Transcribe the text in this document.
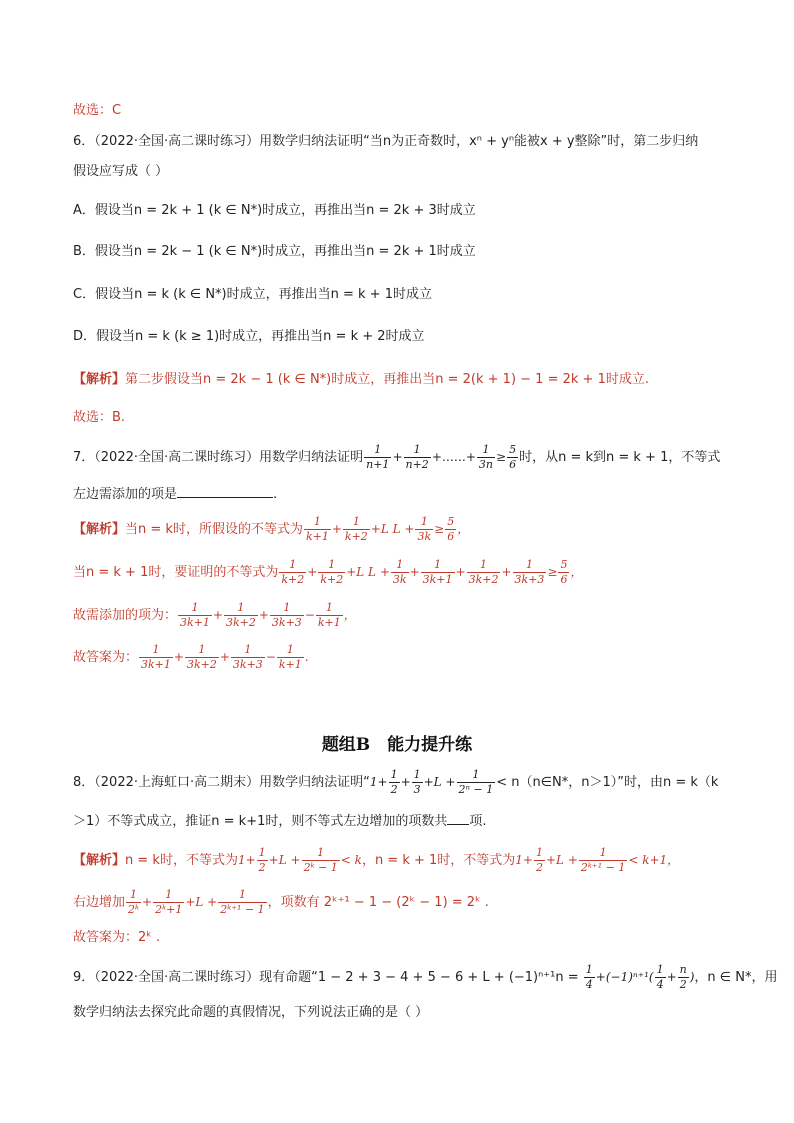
故选：C
6．（2022·全国·高二课时练习）用数学归纳法证明“当n为正奇数时，xⁿ + yⁿ能被x + y整除”时，第二步归纳
假设应写成（ ）
A．假设当n = 2k + 1 (k ∈ N*)时成立，再推出当n = 2k + 3时成立
B．假设当n = 2k − 1 (k ∈ N*)时成立，再推出当n = 2k + 1时成立
C．假设当n = k (k ∈ N*)时成立，再推出当n = k + 1时成立
D．假设当n = k (k ≥ 1)时成立，再推出当n = k + 2时成立
【解析】第二步假设当n = 2k − 1 (k ∈ N*)时成立，再推出当n = 2(k + 1) − 1 = 2k + 1时成立.
故选：B.
7．（2022·全国·高二课时练习）用数学归纳法证明 $\frac{1}{n+1} + \frac{1}{n+2}$ +……+ $\frac{1}{3n} \ge \frac{5}{6}$ 时，从n = k到n = k + 1，不等式
左边需添加的项是	.
【解析】当n = k时，所假设的不等式为 $\frac{1}{k+1} + \frac{1}{k+2} +L$ $L + \frac{1}{3k} \ge \frac{5}{6}$ ，
当n = k + 1时，要证明的不等式为 $\frac{1}{k+2} + \frac{1}{k+2} +L$ $L + \frac{1}{3k} + \frac{1}{3k+1} + \frac{1}{3k+2} + \frac{1}{3k+3} \ge \frac{5}{6}$ ，
故需添加的项为： $\frac{1}{3k+1} + \frac{1}{3k+2} + \frac{1}{3k+3} - \frac{1}{k+1}$ ，
故答案为： $\frac{1}{3k+1} + \frac{1}{3k+2} + \frac{1}{3k+3} - \frac{1}{k+1}$ .
题组B　能力提升练
8．（2022·上海虹口·高二期末）用数学归纳法证明“$1+ \frac{1}{2} + \frac{1}{3} +L + \frac{1}{\text{2ⁿ − 1}}$ < n（n∈N*，n＞1）”时，由n = k（k
＞1）不等式成立，推证n = k+1时，则不等式左边增加的项数共 项.
【解析】n = k时，不等式为$1+ \frac{1}{2} +L + \frac{1}{\text{2ᵏ − 1}} < k$，n = k + 1时，不等式为$1+ \frac{1}{2} +L + \frac{1}{\text{2ᵏ⁺¹ − 1}} < k+1$，
右边增加 $\frac{1}{\text{2ᵏ}} + \frac{1}{\text{2ᵏ+1}} +L + \frac{1}{\text{2ᵏ⁺¹ − 1}}$ ，项数有 2ᵏ⁺¹ − 1 − (2ᵏ − 1) = 2ᵏ .
故答案为：2ᵏ .
9．（2022·全国·高二课时练习）现有命题“$1 - 2 + 3 - 4 + 5 - 6 + L + (-1)^{n+1}n = \frac{1}{4} +(-1)^{n+1}( \frac{1}{4} + \frac{n}{2}$ )，n ∈ N*，用
数学归纳法去探究此命题的真假情况，下列说法正确的是（ ）
